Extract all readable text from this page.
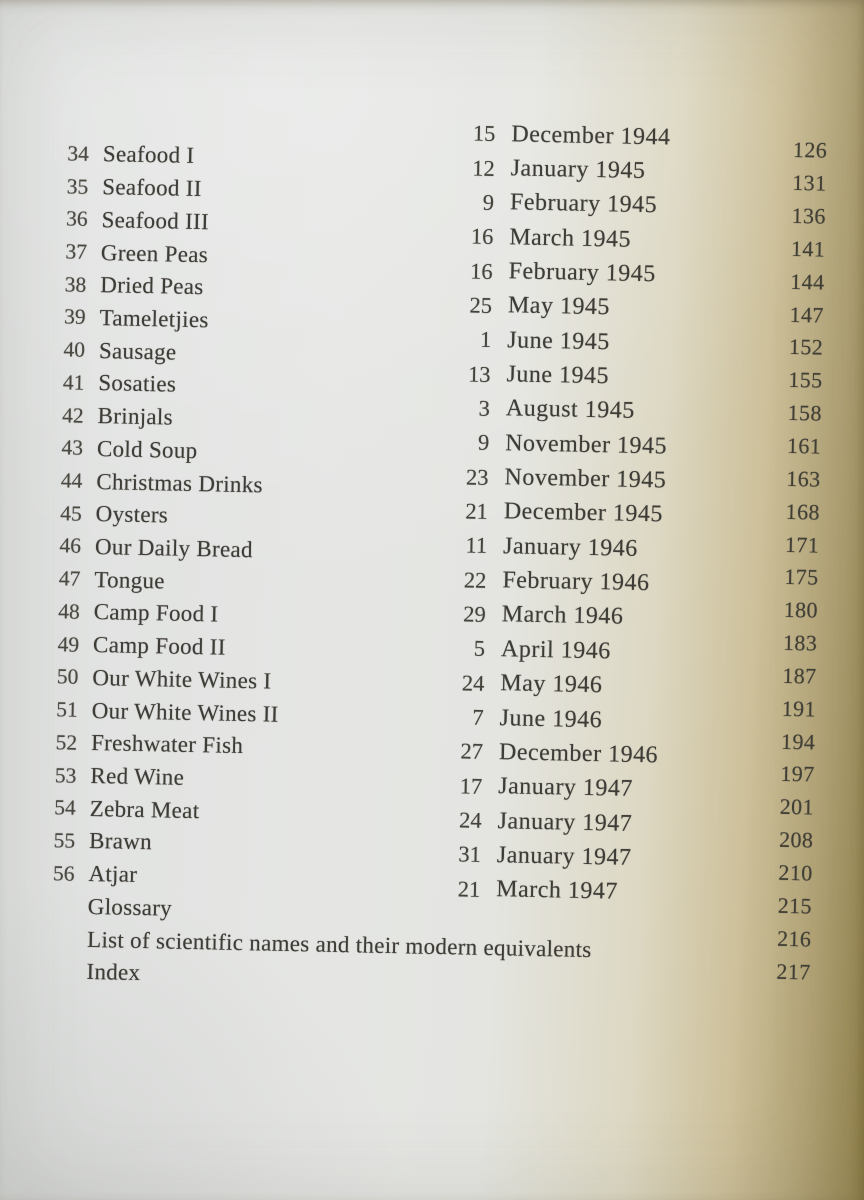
34 Seafood I
35 Seafood II
36 Seafood III
37 Green Peas
38 Dried Peas
39 Tameletjies
40 Sausage
41 Sosaties
42 Brinjals
43 Cold Soup
44 Christmas Drinks
45 Oysters
46 Our Daily Bread
47 Tongue
48 Camp Food I
49 Camp Food II
50 Our White Wines I
51 Our White Wines II
52 Freshwater Fish
53 Red Wine
54 Zebra Meat
55 Brawn
56 Atjar
Glossary
List of scientific names and their modern equivalents
Index
15 December 1944
12 January 1945
9 February 1945
16 March 1945
16 February 1945
25 May 1945
1 June 1945
13 June 1945
3 August 1945
9 November 1945
23 November 1945
21 December 1945
11 January 1946
22 February 1946
29 March 1946
5 April 1946
24 May 1946
7 June 1946
27 December 1946
17 January 1947
24 January 1947
31 January 1947
21 March 1947
126
131
136
141
144
147
152
155
158
161
163
168
171
175
180
183
187
191
194
197
201
208
210
215
216
217
